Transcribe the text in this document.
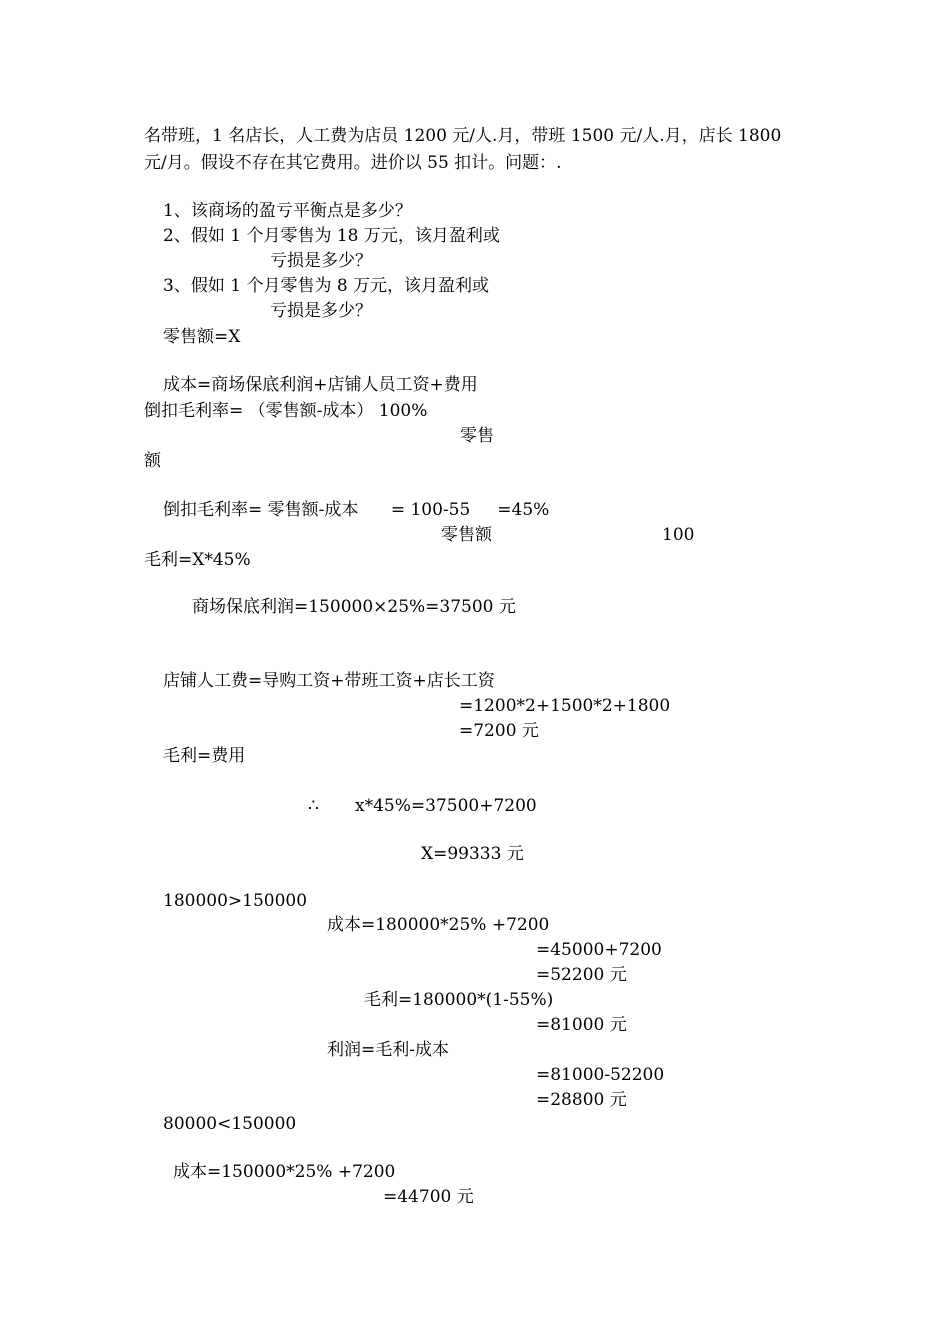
名带班，1 名店长，人工费为店员 1200 元/人.月，带班 1500 元/人.月，店长 1800

元/月。假设不存在其它费用。进价以 55 扣计。问题：.

1、该商场的盈亏平衡点是多少？

2、假如 1 个月零售为 18 万元，该月盈利或

亏损是多少？

3、假如 1 个月零售为 8 万元，该月盈利或

亏损是多少？

零售额=X

成本=商场保底利润+店铺人员工资+费用

倒扣毛利率= （零售额-成本） 100%

零售

额

倒扣毛利率= 零售额-成本      = 100-55     =45%

零售额	100

毛利=X*45%

商场保底利润=150000×25%=37500 元

店铺人工费=导购工资+带班工资+店长工资

=1200*2+1500*2+1800

=7200 元

毛利=费用

∴ x*45%=37500+7200

X=99333 元

180000>150000

成本=180000*25% +7200

=45000+7200

=52200 元

毛利=180000*(1-55%)

=81000 元

利润=毛利-成本

=81000-52200

=28800 元

80000<150000

成本=150000*25% +7200

=44700 元
